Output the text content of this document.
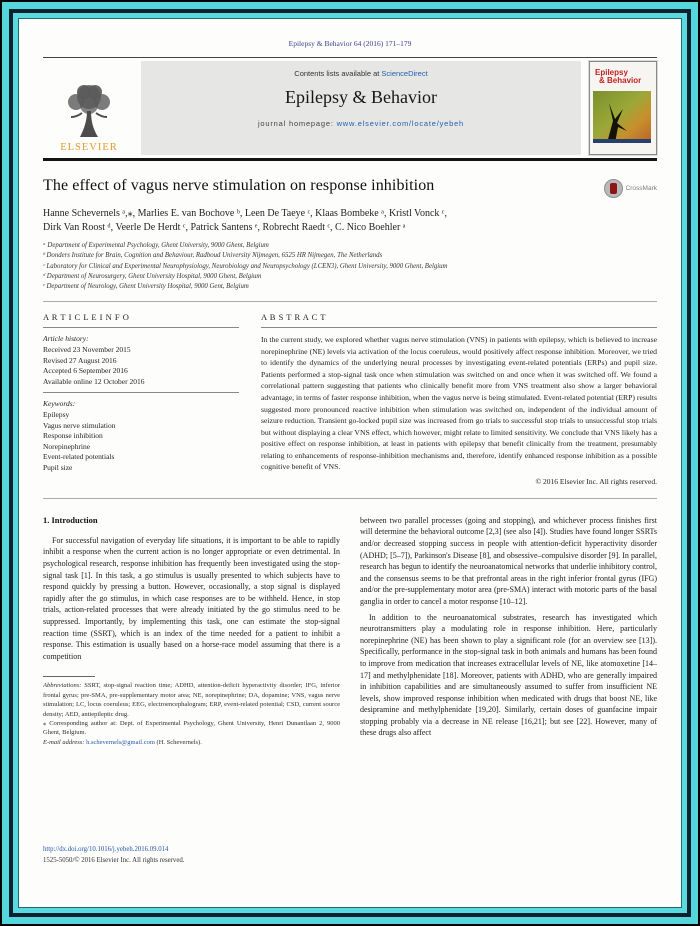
Epilepsy & Behavior 64 (2016) 171–179
ELSEVIER
Contents lists available at ScienceDirect
Epilepsy & Behavior
journal homepage: www.elsevier.com/locate/yebeh
Epilepsy
& Behavior
The effect of vagus nerve stimulation on response inhibition	CrossMark
Hanne Schevernels ᵃ,⁎, Marlies E. van Bochove ᵇ, Leen De Taeye ᶜ, Klaas Bombeke ᵃ, Kristl Vonck ᶜ,
Dirk Van Roost ᵈ, Veerle De Herdt ᶜ, Patrick Santens ᵉ, Robrecht Raedt ᶜ, C. Nico Boehler ᵃ
ᵃ Department of Experimental Psychology, Ghent University, 9000 Ghent, Belgium
ᵇ Donders Institute for Brain, Cognition and Behaviour, Radboud University Nijmegen, 6525 HR Nijmegen, The Netherlands
ᶜ Laboratory for Clinical and Experimental Neurophysiology, Neurobiology and Neuropsychology (LCEN3), Ghent University, 9000 Ghent, Belgium
ᵈ Department of Neurosurgery, Ghent University Hospital, 9000 Ghent, Belgium
ᵉ Department of Neurology, Ghent University Hospital, 9000 Gent, Belgium
A R T I C L E I N F O
Article history:
Received 23 November 2015
Revised 27 August 2016
Accepted 6 September 2016
Available online 12 October 2016
Keywords:
Epilepsy
Vagus nerve stimulation
Response inhibition
Norepinephrine
Event-related potentials
Pupil size
A B S T R A C T
In the current study, we explored whether vagus nerve stimulation (VNS) in patients with epilepsy, which is believed to increase norepinephrine (NE) levels via activation of the locus coeruleus, would positively affect response inhibition. Moreover, we tried to identify the dynamics of the underlying neural processes by investigating event-related potentials (ERPs) and pupil size. Patients performed a stop-signal task once when stimulation was switched on and once when it was switched off. We found a correlational pattern suggesting that patients who clinically benefit more from VNS treatment also show a larger behavioral advantage, in terms of faster response inhibition, when the vagus nerve is being stimulated. Event-related potential (ERP) results suggested more pronounced reactive inhibition when stimulation was switched on, independent of the individual amount of seizure reduction. Transient go-locked pupil size was increased from go trials to successful stop trials to unsuccessful stop trials but without displaying a clear VNS effect, which however, might relate to limited sensitivity. We conclude that VNS likely has a positive effect on response inhibition, at least in patients with epilepsy that benefit clinically from the treatment, presumably relating to enhancements of response-inhibition mechanisms and, therefore, identify enhanced response inhibition as a possible cognitive benefit of VNS.
© 2016 Elsevier Inc. All rights reserved.
1. Introduction

For successful navigation of everyday life situations, it is important to be able to rapidly inhibit a response when the current action is no longer appropriate or even detrimental. In psychological research, response inhibition has frequently been investigated using the stop-signal task [1]. In this task, a go stimulus is usually presented to which subjects have to respond quickly by pressing a button. However, occasionally, a stop signal is displayed rapidly after the go stimulus, in which case responses are to be withheld. Hence, in stop trials, action-related processes that were already initiated by the go stimulus need to be suppressed. Importantly, by implementing this task, one can estimate the stop-signal reaction time (SSRT), which is an index of the time needed for a patient to inhibit a response. This estimation is usually based on a horse-race model assuming that there is a competition

Abbreviations: SSRT, stop-signal reaction time; ADHD, attention-deficit hyperactivity disorder; IFG, inferior frontal gyrus; pre-SMA, pre-supplementary motor area; NE, norepinephrine; DA, dopamine; VNS, vagus nerve stimulation; LC, locus coeruleus; EEG, electroencephalogram; ERP, event-related potential; CSD, current source density; AED, antiepileptic drug.

⁎ Corresponding author at: Dept. of Experimental Psychology, Ghent University, Henri Dunantlaan 2, 9000 Ghent, Belgium.

E-mail address: h.schevernels@gmail.com (H. Schevernels).

between two parallel processes (going and stopping), and whichever process finishes first will determine the behavioral outcome [2,3] (see also [4]). Studies have found longer SSRTs and/or decreased stopping success in people with attention-deficit hyperactivity disorder (ADHD; [5–7]), Parkinson's Disease [8], and obsessive–compulsive disorder [9]. In parallel, research has begun to identify the neuroanatomical networks that underlie inhibitory control, and the consensus seems to be that prefrontal areas in the right inferior frontal gyrus (IFG) and/or the pre-supplementary motor area (pre-SMA) interact with motoric parts of the basal ganglia in order to cancel a motor response [10–12].

In addition to the neuroanatomical substrates, research has investigated which neurotransmitters play a modulating role in response inhibition. Here, particularly norepinephrine (NE) has been shown to play a significant role (for an overview see [13]). Specifically, performance in the stop-signal task in both animals and humans has been found to improve from medication that increases extracellular levels of NE, like atomoxetine [14–17] and methylphenidate [18]. Moreover, patients with ADHD, who are generally impaired in inhibition capabilities and are simultaneously assumed to suffer from insufficient NE levels, show improved response inhibition when medicated with drugs that boost NE, like desipramine and methylphenidate [19,20]. Similarly, certain doses of guanfacine impair stopping probably via a decrease in NE release [16,21]; but see [22]. However, many of these drugs also affect

http://dx.doi.org/10.1016/j.yebeh.2016.09.014
1525-5050/© 2016 Elsevier Inc. All rights reserved.
